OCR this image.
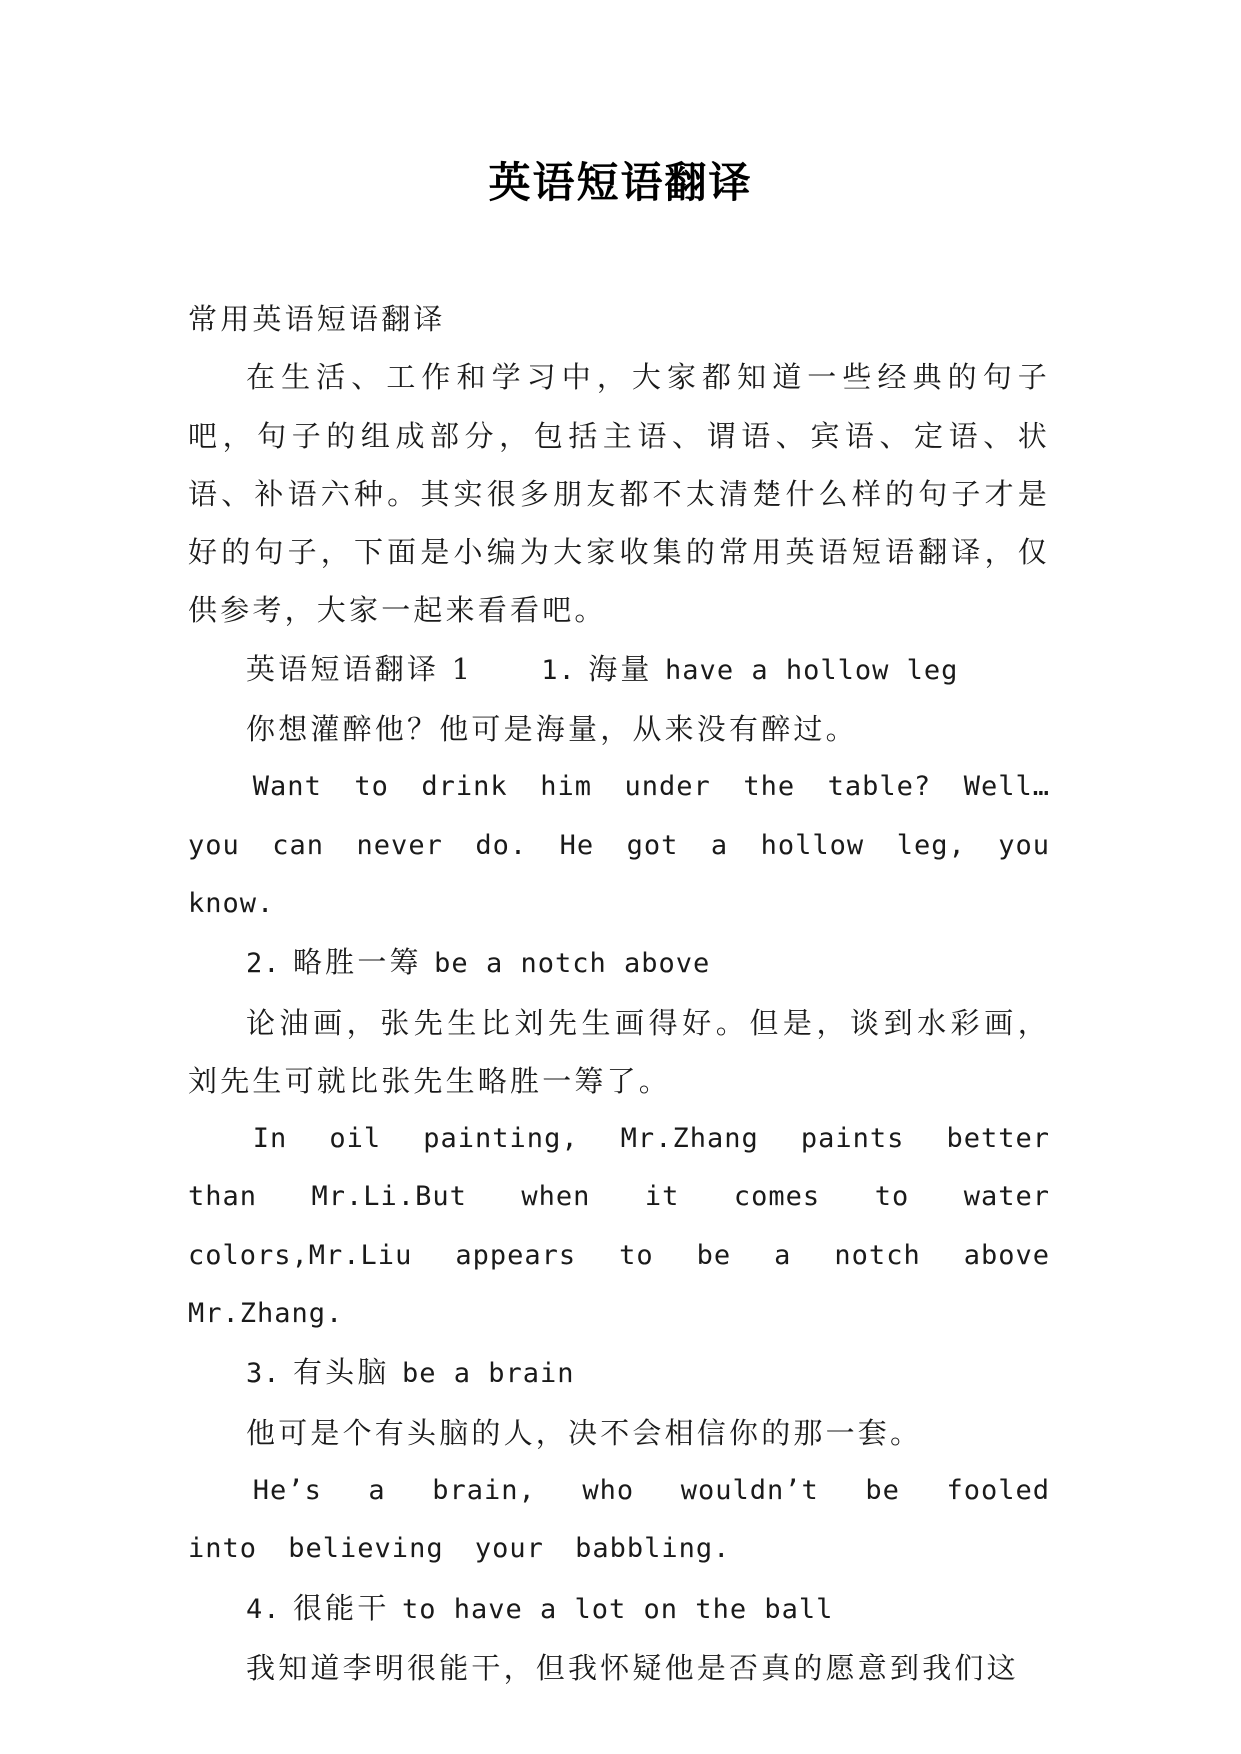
英语短语翻译

常用英语短语翻译

在生活、工作和学习中，大家都知道一些经典的句子吧，句子的组成部分，包括主语、谓语、宾语、定语、状语、补语六种。其实很多朋友都不太清楚什么样的句子才是好的句子，下面是小编为大家收集的常用英语短语翻译，仅供参考，大家一起来看看吧。

英语短语翻译 1	1. 海量 have a hollow leg

你想灌醉他？他可是海量，从来没有醉过。

Want to drink him under the table? Well…you can never do. He got a hollow leg, you know.

2. 略胜一筹 be a notch above

论油画，张先生比刘先生画得好。但是，谈到水彩画，刘先生可就比张先生略胜一筹了。

In oil painting, Mr.Zhang paints better than Mr.Li.But when it comes to water colors,Mr.Liu appears to be a notch above Mr.Zhang.

3. 有头脑 be a brain

他可是个有头脑的人，决不会相信你的那一套。

He’s a brain, who wouldn’t be fooled into believing your babbling.

4. 很能干 to have a lot on the ball

我知道李明很能干，但我怀疑他是否真的愿意到我们这
